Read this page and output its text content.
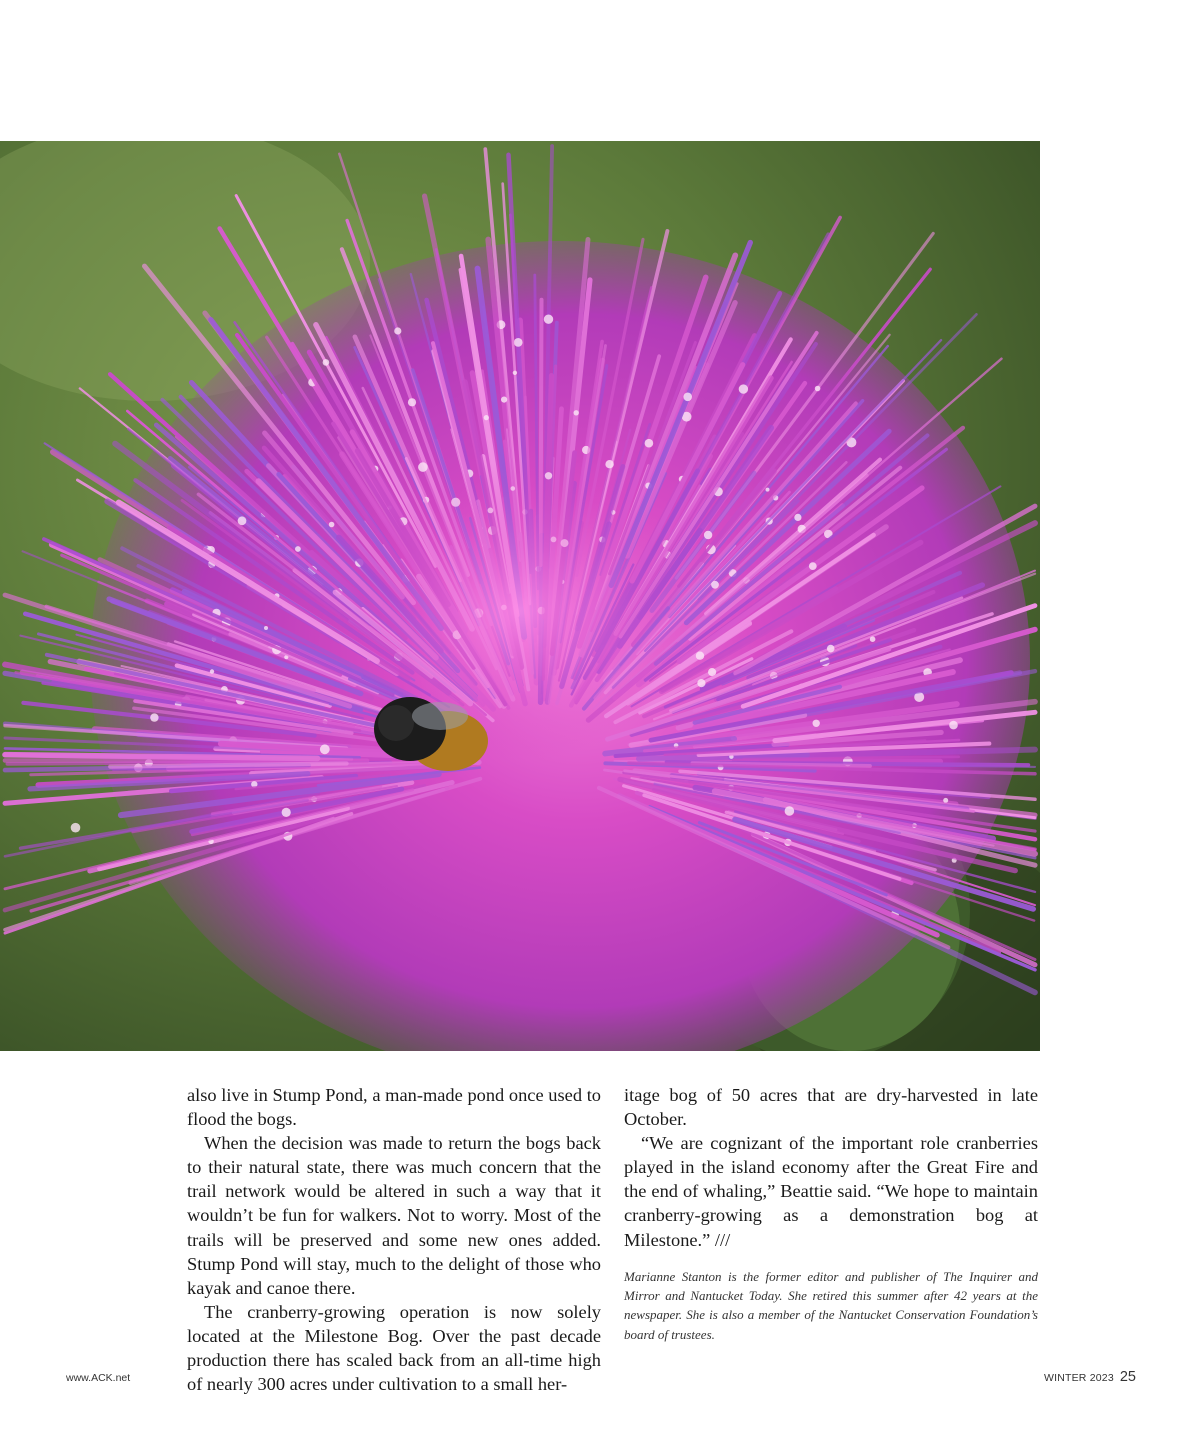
also live in Stump Pond, a man-made pond once used to flood the bogs.

When the decision was made to return the bogs back to their natural state, there was much concern that the trail network would be altered in such a way that it wouldn’t be fun for walkers. Not to worry. Most of the trails will be preserved and some new ones added. Stump Pond will stay, much to the delight of those who kayak and canoe there.

The cranberry-growing operation is now solely located at the Milestone Bog. Over the past decade production there has scaled back from an all-time high of nearly 300 acres under cultivation to a small her-

itage bog of 50 acres that are dry-harvested in late October.

“We are cognizant of the important role cranberries played in the island economy after the Great Fire and the end of whaling,” Beattie said. “We hope to maintain cranberry-growing as a demonstration bog at Milestone.” ///

Marianne Stanton is the former editor and publisher of The Inquirer and Mirror and Nantucket Today. She retired this summer after 42 years at the newspaper. She is also a member of the Nantucket Conservation Foundation’s board of trustees.

www.ACK.net	WINTER 2023 25
